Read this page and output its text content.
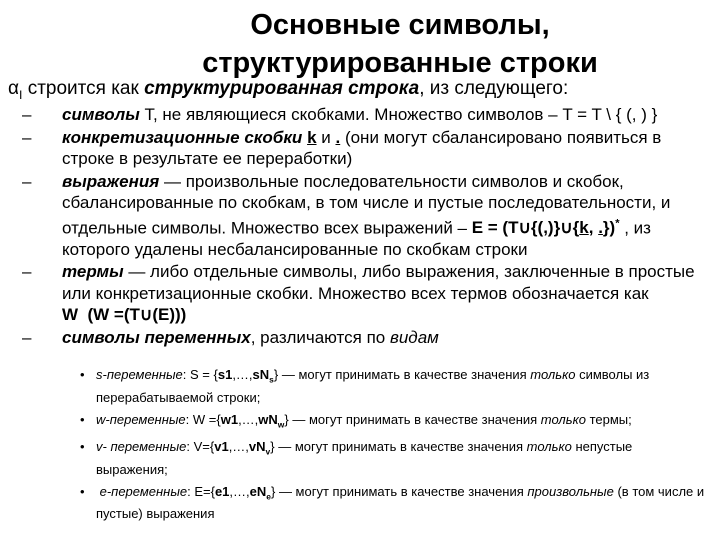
Основные символы,
структурированные строки

$\alpha_I$ строится как структурированная строка, из следующего:

– символы T, не являющиеся скобками. Множество символов – T = T \ { (, ) }
– конкретизационные скобки k и . (они могут сбалансировано появиться в строке в результате ее переработки)
– выражения — произвольные последовательности символов и скобок, сбалансированные по скобкам, в том числе и пустые последовательности, и отдельные символы. Множество всех выражений – E = (T∪{(,)}∪{k, .})* , из которого удалены несбалансированные по скобкам строки
– термы — либо отдельные символы, либо выражения, заключенные в простые или конкретизационные скобки. Множество всех термов обозначается как W  (W =(T∪(E)))
– символы переменных, различаются по видам
• s-переменные: $S = \{s1,\dots,sN_s\}$ — могут принимать в качестве значения только символы из перерабатываемой строки;
• w-переменные: $W =\{w1,\dots,wN_w\}$ — могут принимать в качестве значения только термы;
• v- переменные: $V=\{v1,\dots,vN_v\}$ — могут принимать в качестве значения только непустые выражения;
• e-переменные: $E=\{e1,\dots,eN_e\}$ — могут принимать в качестве значения произвольные (в том числе и пустые) выражения
